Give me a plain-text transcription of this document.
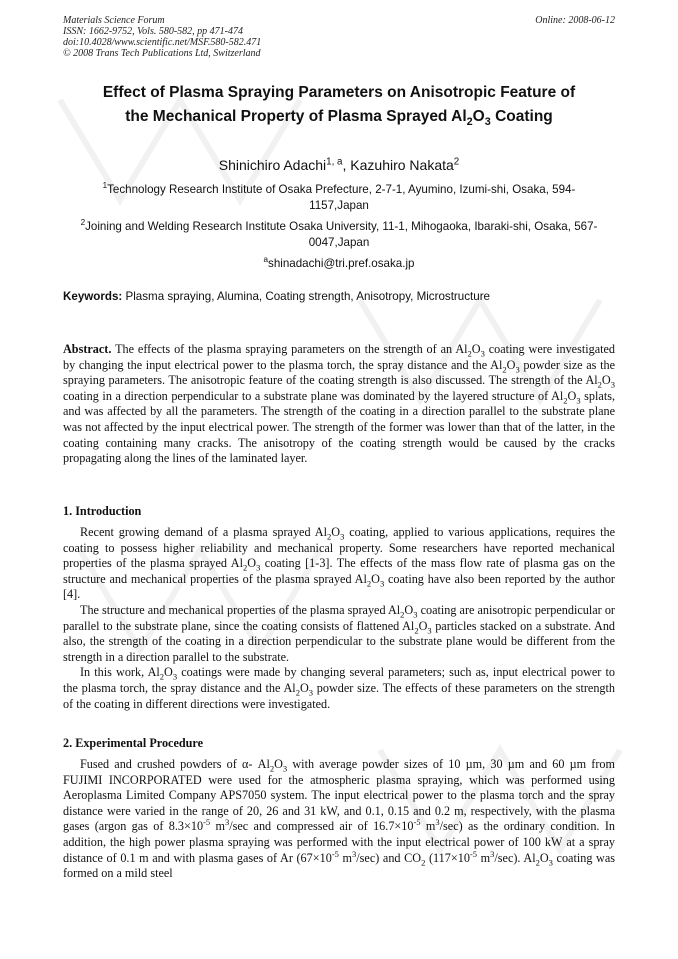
Materials Science Forum
ISSN: 1662-9752, Vols. 580-582, pp 471-474
doi:10.4028/www.scientific.net/MSF.580-582.471
© 2008 Trans Tech Publications Ltd, Switzerland
Online: 2008-06-12
Effect of Plasma Spraying Parameters on Anisotropic Feature of
the Mechanical Property of Plasma Sprayed $Al_2O_3$ Coating
Shinichiro Adachi$^{1, a}$, Kazuhiro Nakata$^2$
$^1$Technology Research Institute of Osaka Prefecture, 2-7-1, Ayumino, Izumi-shi, Osaka, 594-1157,Japan
$^2$Joining and Welding Research Institute Osaka University, 11-1, Mihogaoka, Ibaraki-shi, Osaka, 567-0047,Japan
$^a$shinadachi@tri.pref.osaka.jp
Keywords: Plasma spraying, Alumina, Coating strength, Anisotropy, Microstructure

Abstract. The effects of the plasma spraying parameters on the strength of an $Al_2O_3$ coating were investigated by changing the input electrical power to the plasma torch, the spray distance and the $Al_2O_3$ powder size as the spraying parameters. The anisotropic feature of the coating strength is also discussed. The strength of the $Al_2O_3$ coating in a direction perpendicular to a substrate plane was dominated by the layered structure of $Al_2O_3$ splats, and was affected by all the parameters. The strength of the coating in a direction parallel to the substrate plane was not affected by the input electrical power. The strength of the former was lower than that of the latter, in the coating containing many cracks. The anisotropy of the coating strength would be caused by the cracks propagating along the lines of the laminated layer.

1. Introduction

Recent growing demand of a plasma sprayed $Al_2O_3$ coating, applied to various applications, requires the coating to possess higher reliability and mechanical property. Some researchers have reported mechanical properties of the plasma sprayed $Al_2O_3$ coating [1-3]. The effects of the mass flow rate of plasma gas on the structure and mechanical properties of the plasma sprayed $Al_2O_3$ coating have also been reported by the author [4].

The structure and mechanical properties of the plasma sprayed $Al_2O_3$ coating are anisotropic perpendicular or parallel to the substrate plane, since the coating consists of flattened $Al_2O_3$ particles stacked on a substrate. And also, the strength of the coating in a direction perpendicular to the substrate plane would be different from the strength in a direction parallel to the substrate.

In this work, $Al_2O_3$ coatings were made by changing several parameters; such as, input electrical power to the plasma torch, the spray distance and the $Al_2O_3$ powder size. The effects of these parameters on the strength of the coating in different directions were investigated.

2. Experimental Procedure

Fused and crushed powders of α- $Al_2O_3$ with average powder sizes of 10 µm, 30 µm and 60 µm from FUJIMI INCORPORATED were used for the atmospheric plasma spraying, which was performed using Aeroplasma Limited Company APS7050 system. The input electrical power to the plasma torch and the spray distance were varied in the range of 20, 26 and 31 kW, and 0.1, 0.15 and 0.2 m, respectively, with the plasma gases (argon gas of $8.3\times 10^{-5}$ $m^3/\sec$ and compressed air of $16.7\times 10^{-5}$ $m^3/\sec$) as the ordinary condition. In addition, the high power plasma spraying was performed with the input electrical power of 100 kW at a spray distance of 0.1 m and with plasma gases of Ar ($67\times 10^{-5}$ $m^3/\sec$) and $CO_2$ ($117\times 10^{-5}$ $m^3/\sec$). $Al_2O_3$ coating was formed on a mild steel
